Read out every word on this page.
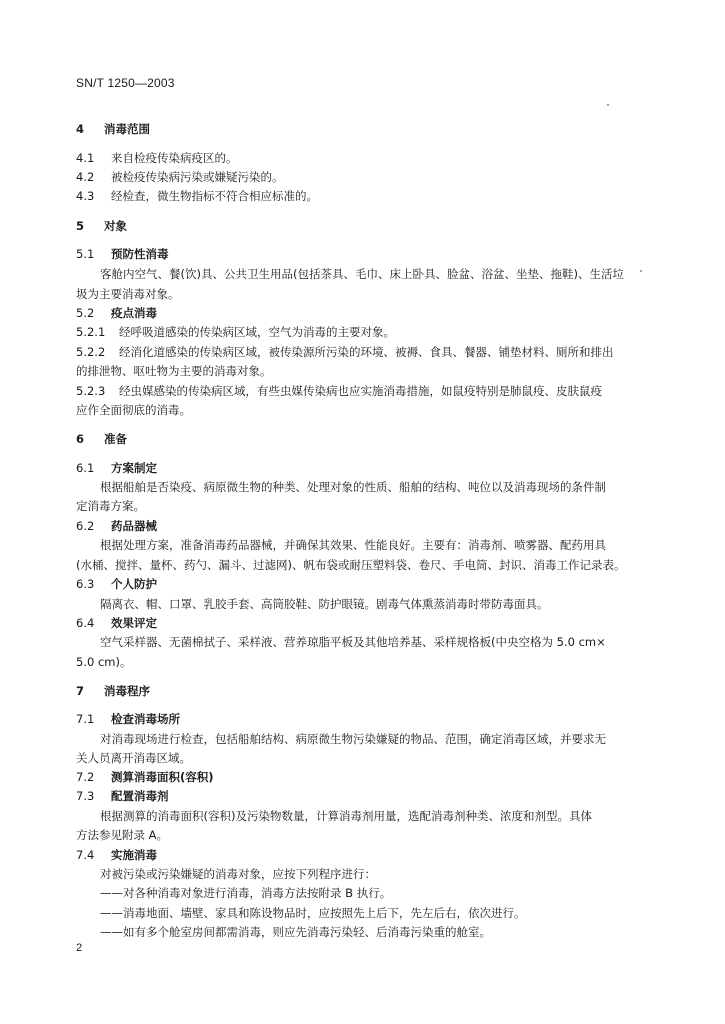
SN/T 1250—2003
4 消毒范围
4.1 来自检疫传染病疫区的。
4.2 被检疫传染病污染或嫌疑污染的。
4.3 经检查，微生物指标不符合相应标准的。
5 对象
5.1 预防性消毒
客舱内空气、餐(饮)具、公共卫生用品(包括茶具、毛巾、床上卧具、脸盆、浴盆、坐垫、拖鞋)、生活垃
圾为主要消毒对象。
5.2 疫点消毒
5.2.1 经呼吸道感染的传染病区域，空气为消毒的主要对象。
5.2.2 经消化道感染的传染病区域，被传染源所污染的环境、被褥、食具、餐器、铺垫材料、厕所和排出
的排泄物、呕吐物为主要的消毒对象。
5.2.3 经虫媒感染的传染病区域，有些虫媒传染病也应实施消毒措施，如鼠疫特别是肺鼠疫、皮肤鼠疫
应作全面彻底的消毒。
6 准备
6.1 方案制定
根据船舶是否染疫、病原微生物的种类、处理对象的性质、船舶的结构、吨位以及消毒现场的条件制
定消毒方案。
6.2 药品器械
根据处理方案，准备消毒药品器械，并确保其效果、性能良好。主要有：消毒剂、喷雾器、配药用具
(水桶、搅拌、量杯、药勺、漏斗、过滤网)、帆布袋或耐压塑料袋、卷尺、手电筒、封识、消毒工作记录表。
6.3 个人防护
隔离衣、帽、口罩、乳胶手套、高筒胶鞋、防护眼镜。剧毒气体熏蒸消毒时带防毒面具。
6.4 效果评定
空气采样器、无菌棉拭子、采样液、营养琼脂平板及其他培养基、采样规格板(中央空格为 5.0 cm×
5.0 cm)。
7 消毒程序
7.1 检查消毒场所
对消毒现场进行检查，包括船舶结构、病原微生物污染嫌疑的物品、范围，确定消毒区域，并要求无
关人员离开消毒区域。
7.2 测算消毒面积(容积)
7.3 配置消毒剂
根据测算的消毒面积(容积)及污染物数量，计算消毒剂用量，选配消毒剂种类、浓度和剂型。具体
方法参见附录 A。
7.4 实施消毒
对被污染或污染嫌疑的消毒对象，应按下列程序进行：
——对各种消毒对象进行消毒，消毒方法按附录 B 执行。
——消毒地面、墙壁、家具和陈设物品时，应按照先上后下，先左后右，依次进行。
——如有多个舱室房间都需消毒，则应先消毒污染轻、后消毒污染重的舱室。
2
